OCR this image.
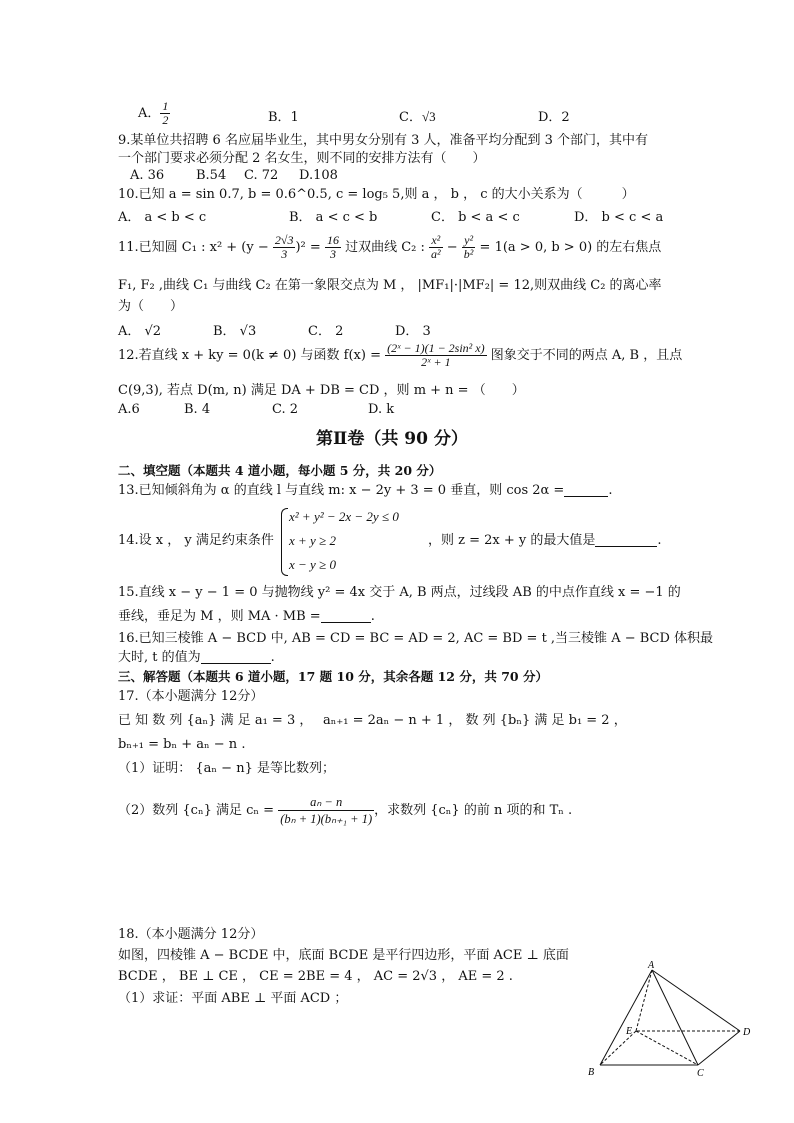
A． $\frac{1}{2}$	B．1	C．√3	D．2
9.某单位共招聘 6 名应届毕业生，其中男女分别有 3 人，准备平均分配到 3 个部门，其中有
一个部门要求必须分配 2 名女生，则不同的安排方法有（　　）
A. 36 B.54 C. 72 D.108
10.已知 a = sin 0.7, b = 0.6^0.5, c = log₅ 5,则 a ， b ， c 的大小关系为（　　　）
A． a < b < c	B． a < c < b	C． b < a < c	D． b < c < a
11.已知圆 C₁ : $x^2 + (y - \frac{2√3}{3} )^2 = \frac{16}{3}$ 过双曲线 C₂ : $\frac{\text{x²}}{\text{a²}} - \frac{\text{y²}}{\text{b²}} = 1(a > 0$, b > 0) 的左右焦点
F₁, F₂ ,曲线 C₁ 与曲线 C₂ 在第一象限交点为 M ， |MF₁|·|MF₂| = 12,则双曲线 C₂ 的离心率
为（　　）
A． √2	B． √3	C． 2	D． 3
12.若直线 x + ky = 0(k ≠ 0) 与函数 $f(x) = \frac{\text{(2ˣ − 1)(1 − 2sin² x)}}{\text{2ˣ + 1}}$ 图象交于不同的两点 A, B ，且点
C(9,3), 若点 D(m, n) 满足 DA + DB = CD ，则 m + n = （　　）
A.6	B. 4	C. 2	D. k
第Ⅱ卷（共 90 分）
二、填空题（本题共 4 道小题，每小题 5 分，共 20 分）
13.已知倾斜角为 α 的直线 l 与直线 m: x − 2y + 3 = 0 垂直，则 cos 2α =	.
14.设 x ， y 满足约束条件
x² + y² − 2x − 2y ≤ 0
x + y ≥ 2
x − y ≥ 0
，则 z = 2x + y 的最大值是	.
15.直线 x − y − 1 = 0 与抛物线 y² = 4x 交于 A, B 两点，过线段 AB 的中点作直线 x = −1 的
垂线，垂足为 M ，则 MA · MB =	.
16.已知三棱锥 A − BCD 中, AB = CD = BC = AD = 2, AC = BD = t ,当三棱锥 A − BCD 体积最
大时, t 的值为	.
三、解答题（本题共 6 道小题，17 题 10 分，其余各题 12 分，共 70 分）
17.（本小题满分 12分）
已 知 数 列 {aₙ} 满 足 a₁ = 3 ，　 aₙ₊₁ = 2aₙ − n + 1 ， 数 列 {bₙ} 满 足 b₁ = 2 ，
bₙ₊₁ = bₙ + aₙ − n .
（1）证明： {aₙ − n} 是等比数列；
（2）数列 {cₙ} 满足 $c_n = \frac{\text{aₙ − n}}{\text{(bₙ + 1)(bₙ₊₁ + 1)}}$ ，求数列 {cₙ} 的前 n 项的和 Tₙ .
18.（本小题满分 12分）
如图，四棱锥 A − BCDE 中，底面 BCDE 是平行四边形，平面 ACE ⊥ 底面
BCDE ， BE ⊥ CE ， CE = 2BE = 4 ， AC = 2√3 ， AE = 2 .
（1）求证：平面 ABE ⊥ 平面 ACD ；
A
E	D
B	C
